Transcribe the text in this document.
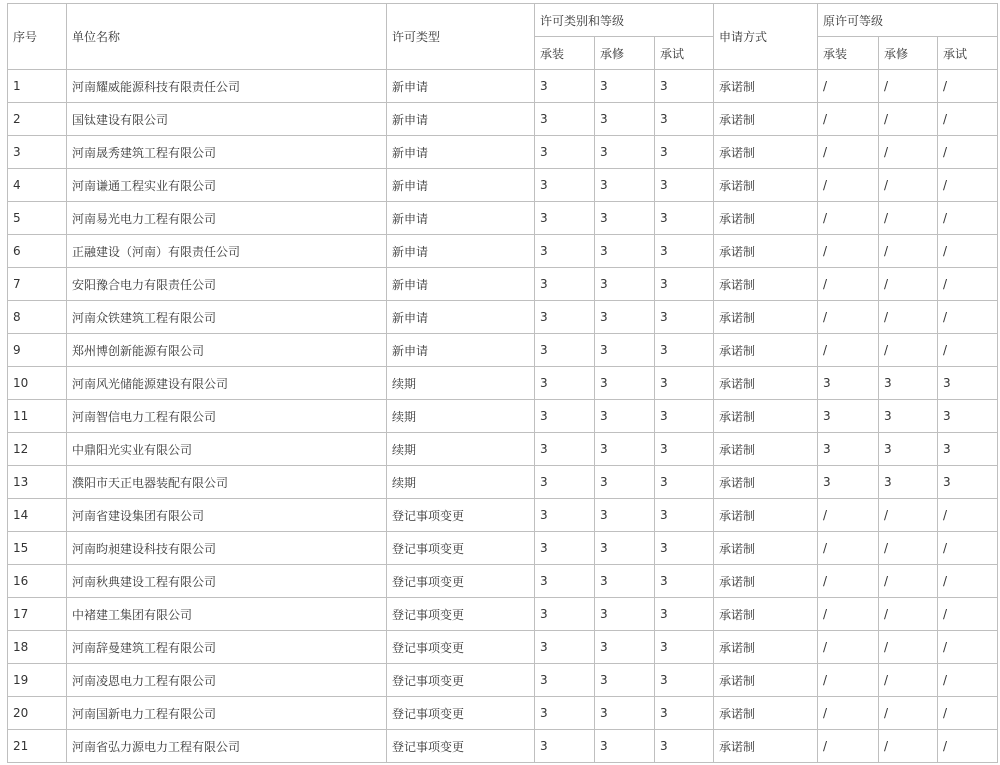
序号	单位名称	许可类型	许可类别和等级			申请方式	原许可等级		
			承装	承修	承试		承装	承修	承试
1	河南耀威能源科技有限责任公司	新申请	3	3	3	承诺制	/	/	/
2	国钛建设有限公司	新申请	3	3	3	承诺制	/	/	/
3	河南晟秀建筑工程有限公司	新申请	3	3	3	承诺制	/	/	/
4	河南谦通工程实业有限公司	新申请	3	3	3	承诺制	/	/	/
5	河南易光电力工程有限公司	新申请	3	3	3	承诺制	/	/	/
6	正融建设（河南）有限责任公司	新申请	3	3	3	承诺制	/	/	/
7	安阳豫合电力有限责任公司	新申请	3	3	3	承诺制	/	/	/
8	河南众铁建筑工程有限公司	新申请	3	3	3	承诺制	/	/	/
9	郑州博创新能源有限公司	新申请	3	3	3	承诺制	/	/	/
10	河南风光储能源建设有限公司	续期	3	3	3	承诺制	3	3	3
11	河南智信电力工程有限公司	续期	3	3	3	承诺制	3	3	3
12	中鼎阳光实业有限公司	续期	3	3	3	承诺制	3	3	3
13	濮阳市天正电器装配有限公司	续期	3	3	3	承诺制	3	3	3
14	河南省建设集团有限公司	登记事项变更	3	3	3	承诺制	/	/	/
15	河南昀昶建设科技有限公司	登记事项变更	3	3	3	承诺制	/	/	/
16	河南秋典建设工程有限公司	登记事项变更	3	3	3	承诺制	/	/	/
17	中褚建工集团有限公司	登记事项变更	3	3	3	承诺制	/	/	/
18	河南辞曼建筑工程有限公司	登记事项变更	3	3	3	承诺制	/	/	/
19	河南凌恩电力工程有限公司	登记事项变更	3	3	3	承诺制	/	/	/
20	河南国新电力工程有限公司	登记事项变更	3	3	3	承诺制	/	/	/
21	河南省弘力源电力工程有限公司	登记事项变更	3	3	3	承诺制	/	/	/
